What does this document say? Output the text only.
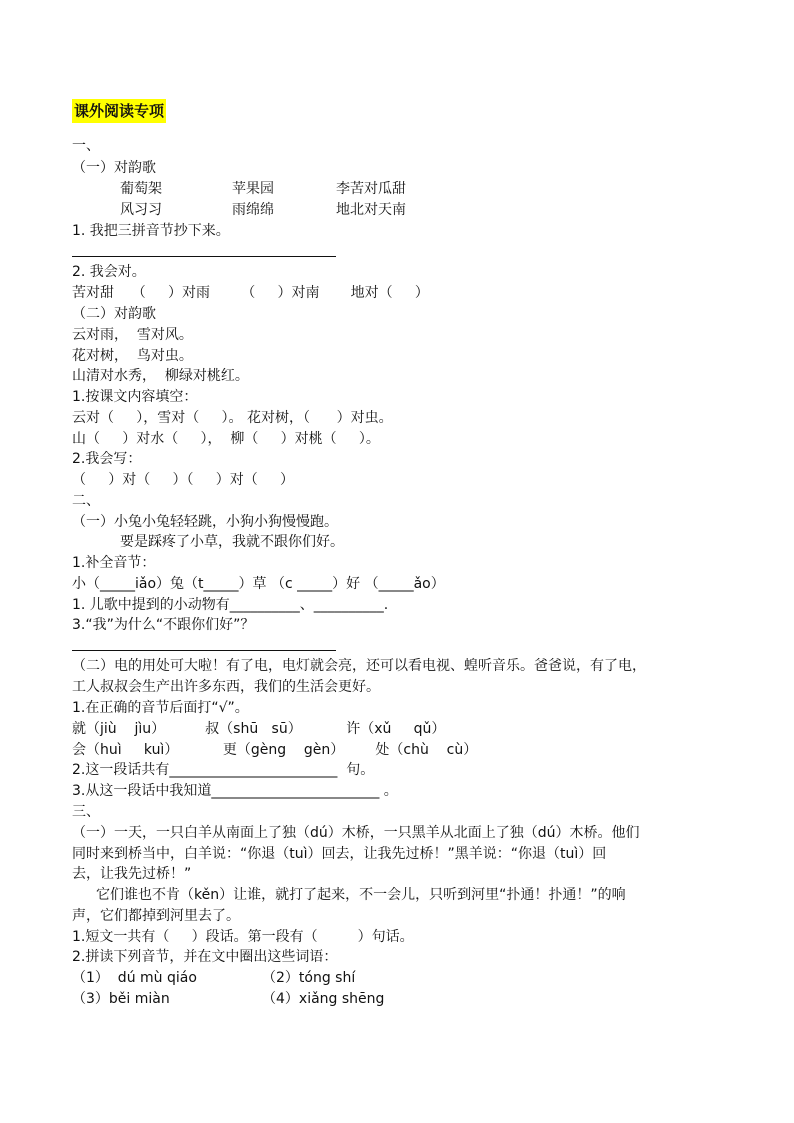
课外阅读专项
一、
（一）对韵歌
葡萄架	苹果园	李苦对瓜甜
风习习	雨绵绵	地北对天南
1. 我把三拼音节抄下来。
2. 我会对。
苦对甜    （     ）对雨       （     ）对南       地对（     ）
（二）对韵歌
云对雨，  雪对风。
花对树，  鸟对虫。
山清对水秀，  柳绿对桃红。
1.按课文内容填空：
云对（     ），雪对（     ）。 花对树，（      ）对虫。
山（     ）对水（     ），  柳（     ）对桃（     ）。
2.我会写：
（     ）对（     ）（     ）对（     ）
二、
（一）小兔小兔轻轻跳，小狗小狗慢慢跑。
要是踩疼了小草，我就不跟你们好。
1.补全音节：
小（_____iǎo）兔（t_____）草 （c _____）好 （_____ǎo）
1. 儿歌中提到的小动物有__________、__________.
3.“我”为什么“不跟你们好”？
（二）电的用处可大啦！有了电，电灯就会亮，还可以看电视、蝗听音乐。爸爸说，有了电，
工人叔叔会生产出许多东西，我们的生活会更好。
1.在正确的音节后面打“√”。
就（jiù    jìu）         叔（shū   sū）          许（xǔ     qǔ）
会（huì     kuì）          更（gèng    gèn）       处（chù    cù）
2.这一段话共有________________________  句。
3.从这一段话中我知道________________________ 。
三、
（一）一天，一只白羊从南面上了独（dú）木桥，一只黑羊从北面上了独（dú）木桥。他们
同时来到桥当中，白羊说：“你退（tuì）回去，让我先过桥！”黑羊说：“你退（tuì）回
去，让我先过桥！”
它们谁也不肯（kěn）让谁，就打了起来，不一会儿，只听到河里“扑通！扑通！”的响
声，它们都掉到河里去了。
1.短文一共有（     ）段话。第一段有（         ）句话。
2.拼读下列音节，并在文中圈出这些词语：
（1）  dú mù qiáo	（2）tóng shí
（3）běi miàn	（4）xiǎng shēng
